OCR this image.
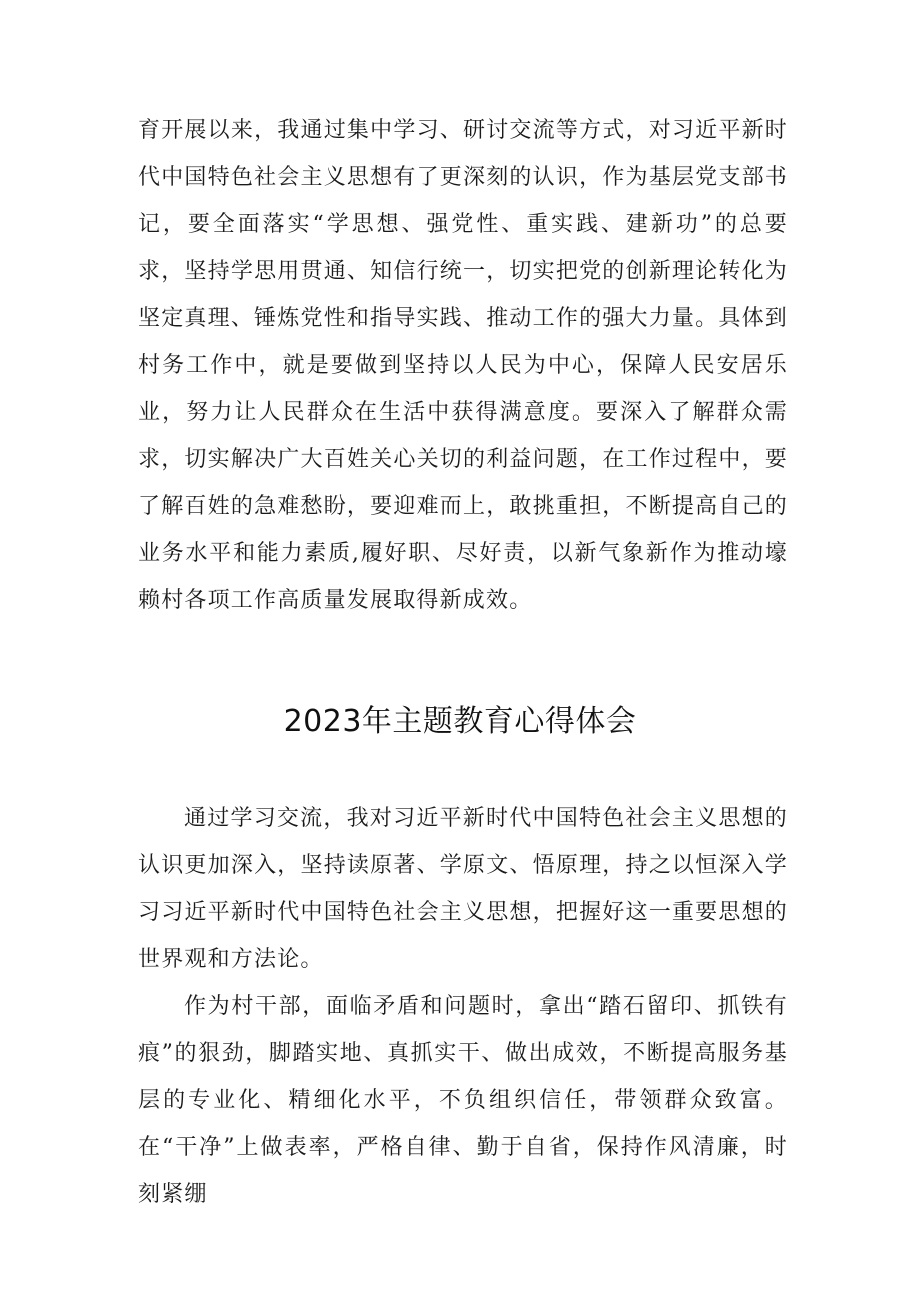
育开展以来，我通过集中学习、研讨交流等方式，对习近平新时代中国特色社会主义思想有了更深刻的认识，作为基层党支部书记，要全面落实“学思想、强党性、重实践、建新功”的总要求，坚持学思用贯通、知信行统一，切实把党的创新理论转化为坚定真理、锤炼党性和指导实践、推动工作的强大力量。具体到村务工作中，就是要做到坚持以人民为中心，保障人民安居乐业，努力让人民群众在生活中获得满意度。要深入了解群众需求，切实解决广大百姓关心关切的利益问题，在工作过程中，要了解百姓的急难愁盼，要迎难而上，敢挑重担，不断提高自己的业务水平和能力素质,履好职、尽好责，以新气象新作为推动壕赖村各项工作高质量发展取得新成效。

2023年主题教育心得体会

通过学习交流，我对习近平新时代中国特色社会主义思想的认识更加深入，坚持读原著、学原文、悟原理，持之以恒深入学习习近平新时代中国特色社会主义思想，把握好这一重要思想的世界观和方法论。

作为村干部，面临矛盾和问题时，拿出“踏石留印、抓铁有痕”的狠劲，脚踏实地、真抓实干、做出成效，不断提高服务基层的专业化、精细化水平，不负组织信任，带领群众致富。在“干净”上做表率，严格自律、勤于自省，保持作风清廉，时刻紧绷
